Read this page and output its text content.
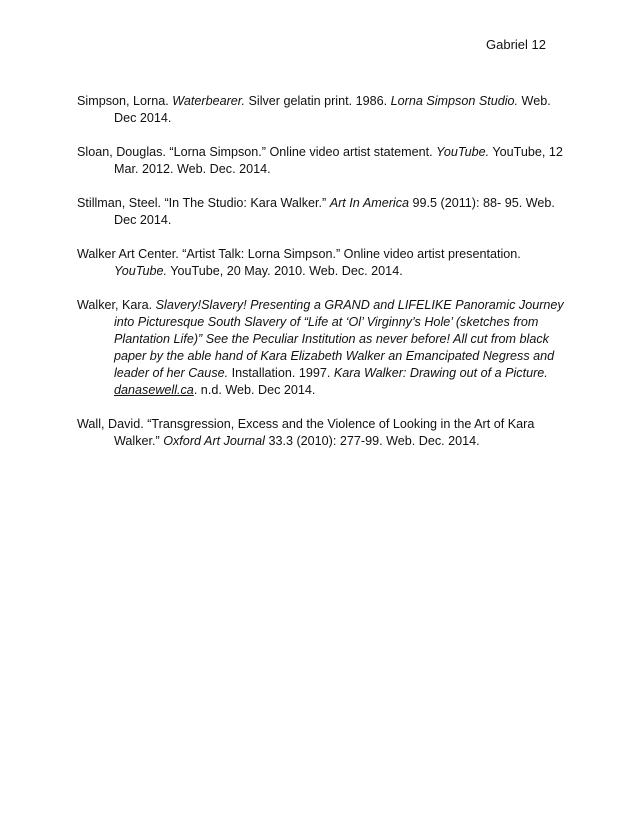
Gabriel 12

Simpson, Lorna. Waterbearer. Silver gelatin print. 1986. Lorna Simpson Studio. Web. Dec 2014.

Sloan, Douglas. “Lorna Simpson.” Online video artist statement. YouTube. YouTube, 12 Mar. 2012. Web. Dec. 2014.

Stillman, Steel. “In The Studio: Kara Walker.” Art In America 99.5 (2011): 88- 95. Web. Dec 2014.

Walker Art Center. “Artist Talk: Lorna Simpson.” Online video artist presentation. YouTube. YouTube, 20 May. 2010. Web. Dec. 2014.

Walker, Kara. Slavery!Slavery! Presenting a GRAND and LIFELIKE Panoramic Journey into Picturesque South Slavery of “Life at ‘Ol’ Virginny’s Hole’ (sketches from Plantation Life)” See the Peculiar Institution as never before! All cut from black paper by the able hand of Kara Elizabeth Walker an Emancipated Negress and leader of her Cause. Installation. 1997. Kara Walker: Drawing out of a Picture. danasewell.ca. n.d. Web. Dec 2014.

Wall, David. “Transgression, Excess and the Violence of Looking in the Art of Kara Walker.” Oxford Art Journal 33.3 (2010): 277-99. Web. Dec. 2014.
